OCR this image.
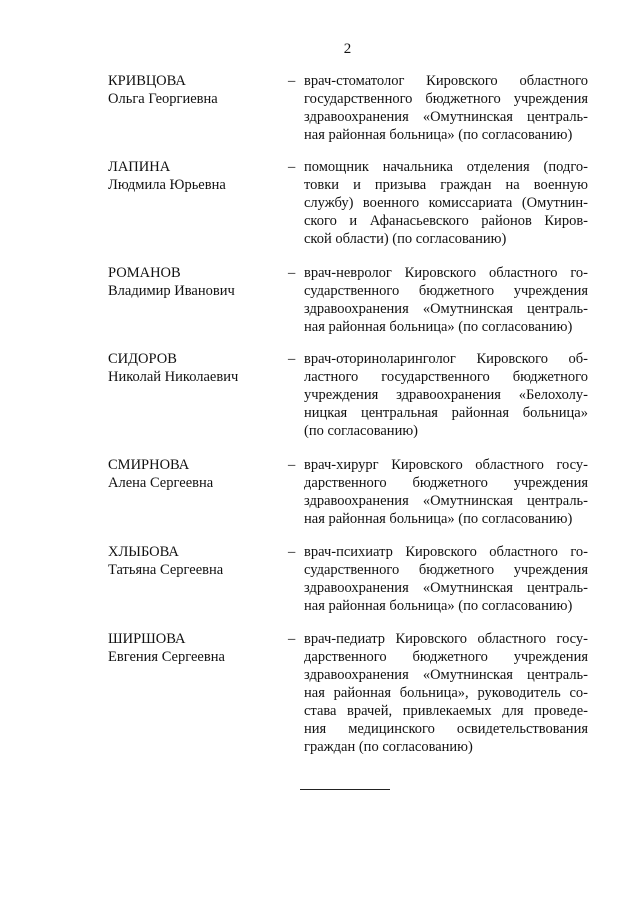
2
КРИВЦОВА
Ольга Георгиевна
– врач-стоматолог Кировского областного
государственного бюджетного учреждения
здравоохранения «Омутнинская централь-
ная районная больница» (по согласованию)
ЛАПИНА
Людмила Юрьевна
– помощник начальника отделения (подго-
товки и призыва граждан на военную
службу) военного комиссариата (Омутнин-
ского и Афанасьевского районов Киров-
ской области) (по согласованию)
РОМАНОВ
Владимир Иванович
– врач-невролог Кировского областного го-
сударственного бюджетного учреждения
здравоохранения «Омутнинская централь-
ная районная больница» (по согласованию)
СИДОРОВ
Николай Николаевич
– врач-оториноларинголог Кировского об-
ластного государственного бюджетного
учреждения здравоохранения «Белохолу-
ницкая центральная районная больница»
(по согласованию)
СМИРНОВА
Алена Сергеевна
– врач-хирург Кировского областного госу-
дарственного бюджетного учреждения
здравоохранения «Омутнинская централь-
ная районная больница» (по согласованию)
ХЛЫБОВА
Татьяна Сергеевна
– врач-психиатр Кировского областного го-
сударственного бюджетного учреждения
здравоохранения «Омутнинская централь-
ная районная больница» (по согласованию)
ШИРШОВА
Евгения Сергеевна
– врач-педиатр Кировского областного госу-
дарственного бюджетного учреждения
здравоохранения «Омутнинская централь-
ная районная больница», руководитель со-
става врачей, привлекаемых для проведе-
ния медицинского освидетельствования
граждан (по согласованию)
